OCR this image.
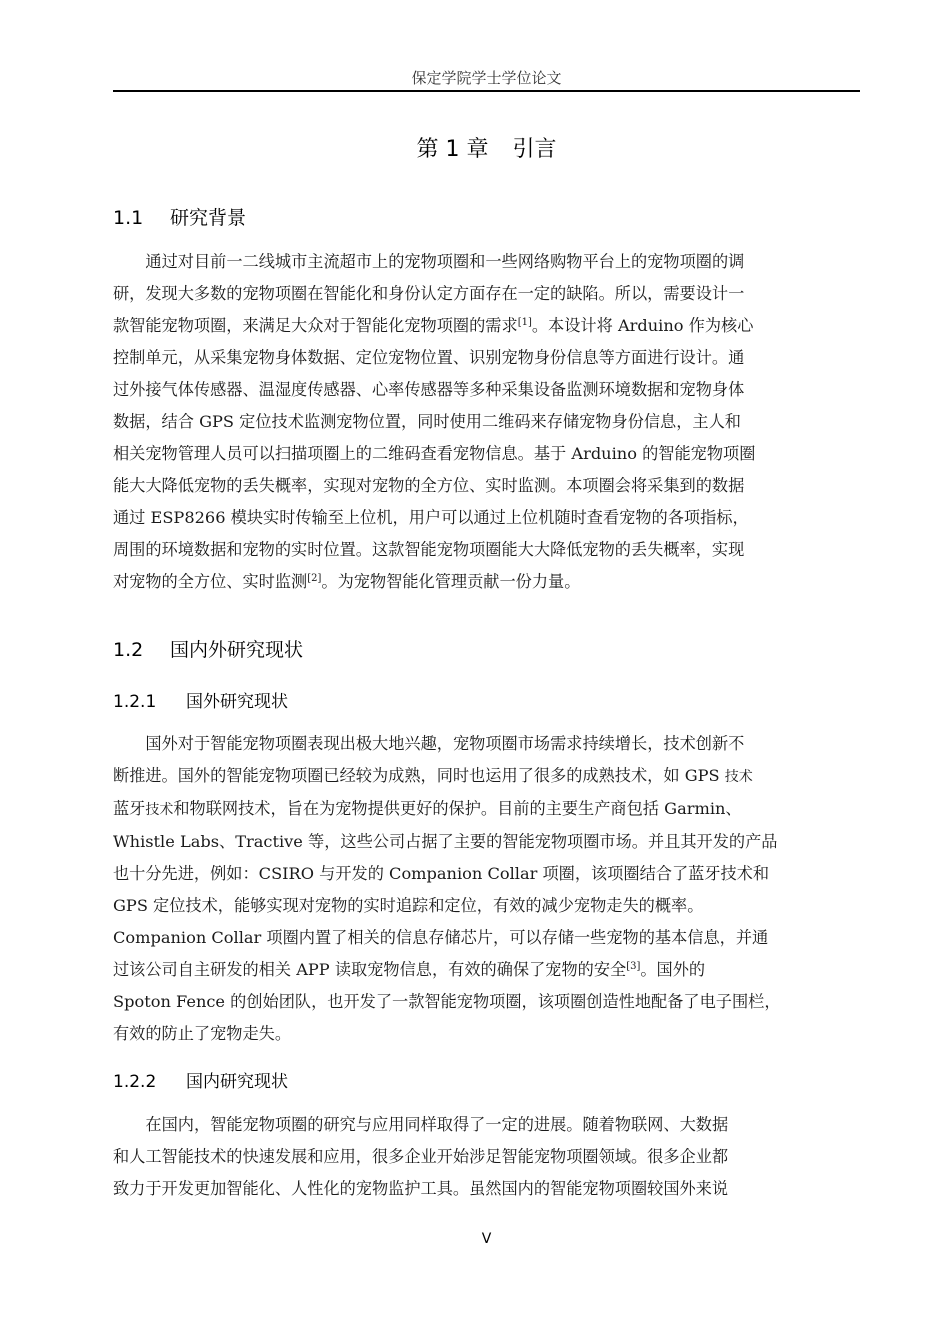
保定学院学士学位论文
第 1 章 引言
1.1 研究背景
通过对目前一二线城市主流超市上的宠物项圈和一些网络购物平台上的宠物项圈的调
研，发现大多数的宠物项圈在智能化和身份认定方面存在一定的缺陷。所以，需要设计一
款智能宠物项圈，来满足大众对于智能化宠物项圈的需求[1]。本设计将 Arduino 作为核心
控制单元，从采集宠物身体数据、定位宠物位置、识别宠物身份信息等方面进行设计。通
过外接气体传感器、温湿度传感器、心率传感器等多种采集设备监测环境数据和宠物身体
数据，结合 GPS 定位技术监测宠物位置，同时使用二维码来存储宠物身份信息，主人和
相关宠物管理人员可以扫描项圈上的二维码查看宠物信息。基于 Arduino 的智能宠物项圈
能大大降低宠物的丢失概率，实现对宠物的全方位、实时监测。本项圈会将采集到的数据
通过 ESP8266 模块实时传输至上位机，用户可以通过上位机随时查看宠物的各项指标，
周围的环境数据和宠物的实时位置。这款智能宠物项圈能大大降低宠物的丢失概率，实现
对宠物的全方位、实时监测[2]。为宠物智能化管理贡献一份力量。
1.2 国内外研究现状
1.2.1 国外研究现状
国外对于智能宠物项圈表现出极大地兴趣，宠物项圈市场需求持续增长，技术创新不
断推进。国外的智能宠物项圈已经较为成熟，同时也运用了很多的成熟技术，如 GPS 技术
蓝牙技术和物联网技术，旨在为宠物提供更好的保护。目前的主要生产商包括 Garmin、
Whistle Labs、Tractive 等，这些公司占据了主要的智能宠物项圈市场。并且其开发的产品
也十分先进，例如：CSIRO 与开发的 Companion Collar 项圈，该项圈结合了蓝牙技术和
GPS 定位技术，能够实现对宠物的实时追踪和定位，有效的减少宠物走失的概率。
Companion Collar 项圈内置了相关的信息存储芯片，可以存储一些宠物的基本信息，并通
过该公司自主研发的相关 APP 读取宠物信息，有效的确保了宠物的安全[3]。国外的
Spoton Fence 的创始团队，也开发了一款智能宠物项圈，该项圈创造性地配备了电子围栏，
有效的防止了宠物走失。
1.2.2 国内研究现状
在国内，智能宠物项圈的研究与应用同样取得了一定的进展。随着物联网、大数据
和人工智能技术的快速发展和应用，很多企业开始涉足智能宠物项圈领域。很多企业都
致力于开发更加智能化、人性化的宠物监护工具。虽然国内的智能宠物项圈较国外来说
V
